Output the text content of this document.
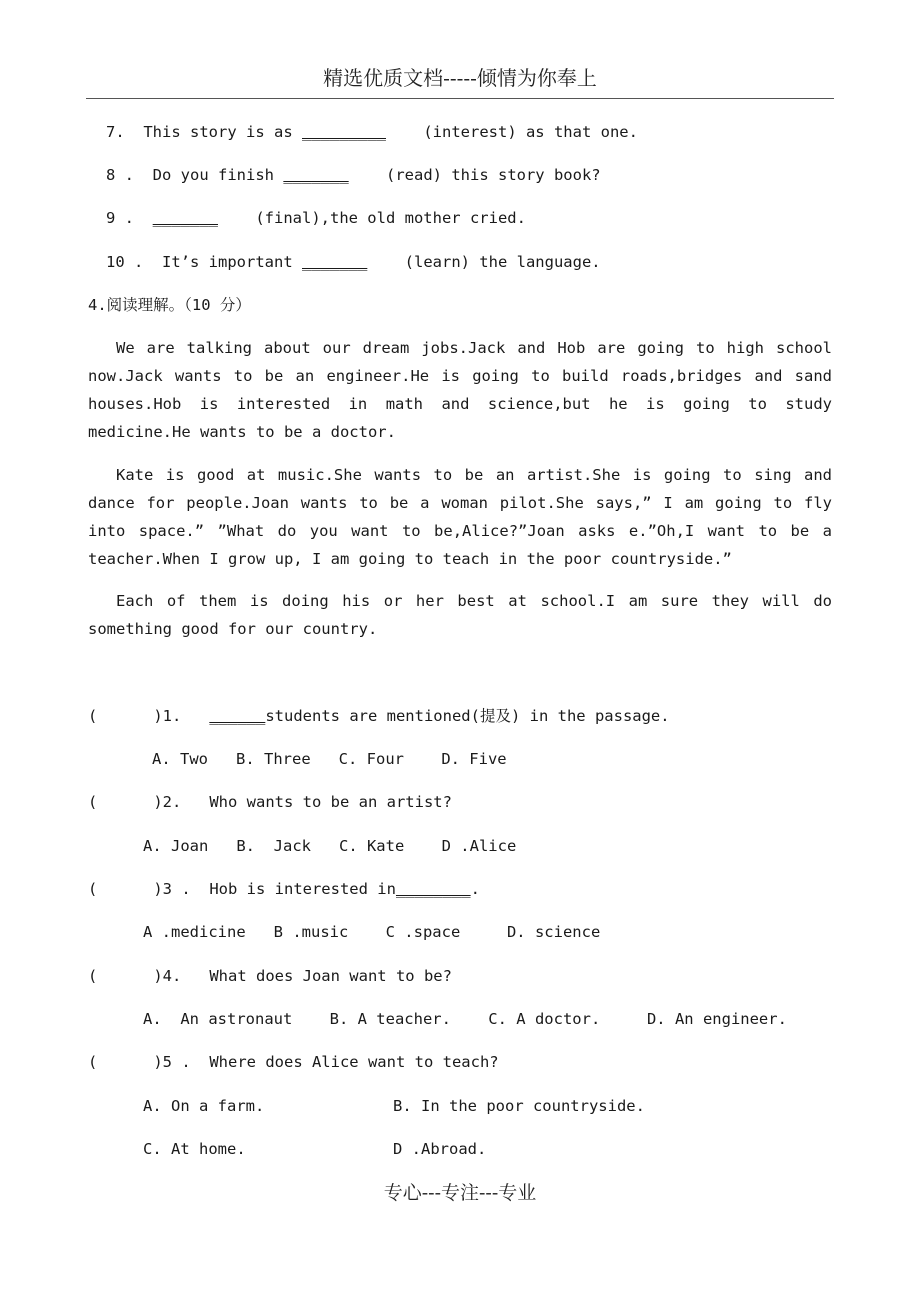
精选优质文档-----倾情为你奉上
7. This story is as _________ (interest) as that one.
8 . Do you finish _______ (read) this story book?
9 . _______ (final),the old mother cried.
10 . It’s important _______ (learn) the language.
4.阅读理解。（10 分）
We are talking about our dream jobs.Jack and Hob are going to high school now.Jack wants to be an engineer.He is going to build roads,bridges and sand houses.Hob is interested in math and science,but he is going to study medicine.He wants to be a doctor.
Kate is good at music.She wants to be an artist.She is going to sing and dance for people.Joan wants to be a woman pilot.She says,” I am going to fly into space.” ”What do you want to be,Alice?”Joan asks e.”Oh,I want to be a teacher.When I grow up, I am going to teach in the poor countryside.”
Each of them is doing his or her best at school.I am sure they will do something good for our country.
(      )1. ______students are mentioned(提及) in the passage.
A. Two B. Three C. Four D. Five
(      )2. Who wants to be an artist?
A. Joan B.  Jack C. Kate D .Alice
(      )3 . Hob is interested in________.
A .medicine B .music C .space	D. science
(      )4. What does Joan want to be?
A.  An astronaut B. A teacher. C. A doctor.	D. An engineer.
(      )5 . Where does Alice want to teach?
A. On a farm.	B. In the poor countryside.
C. At home.	D .Abroad.
专心---专注---专业
